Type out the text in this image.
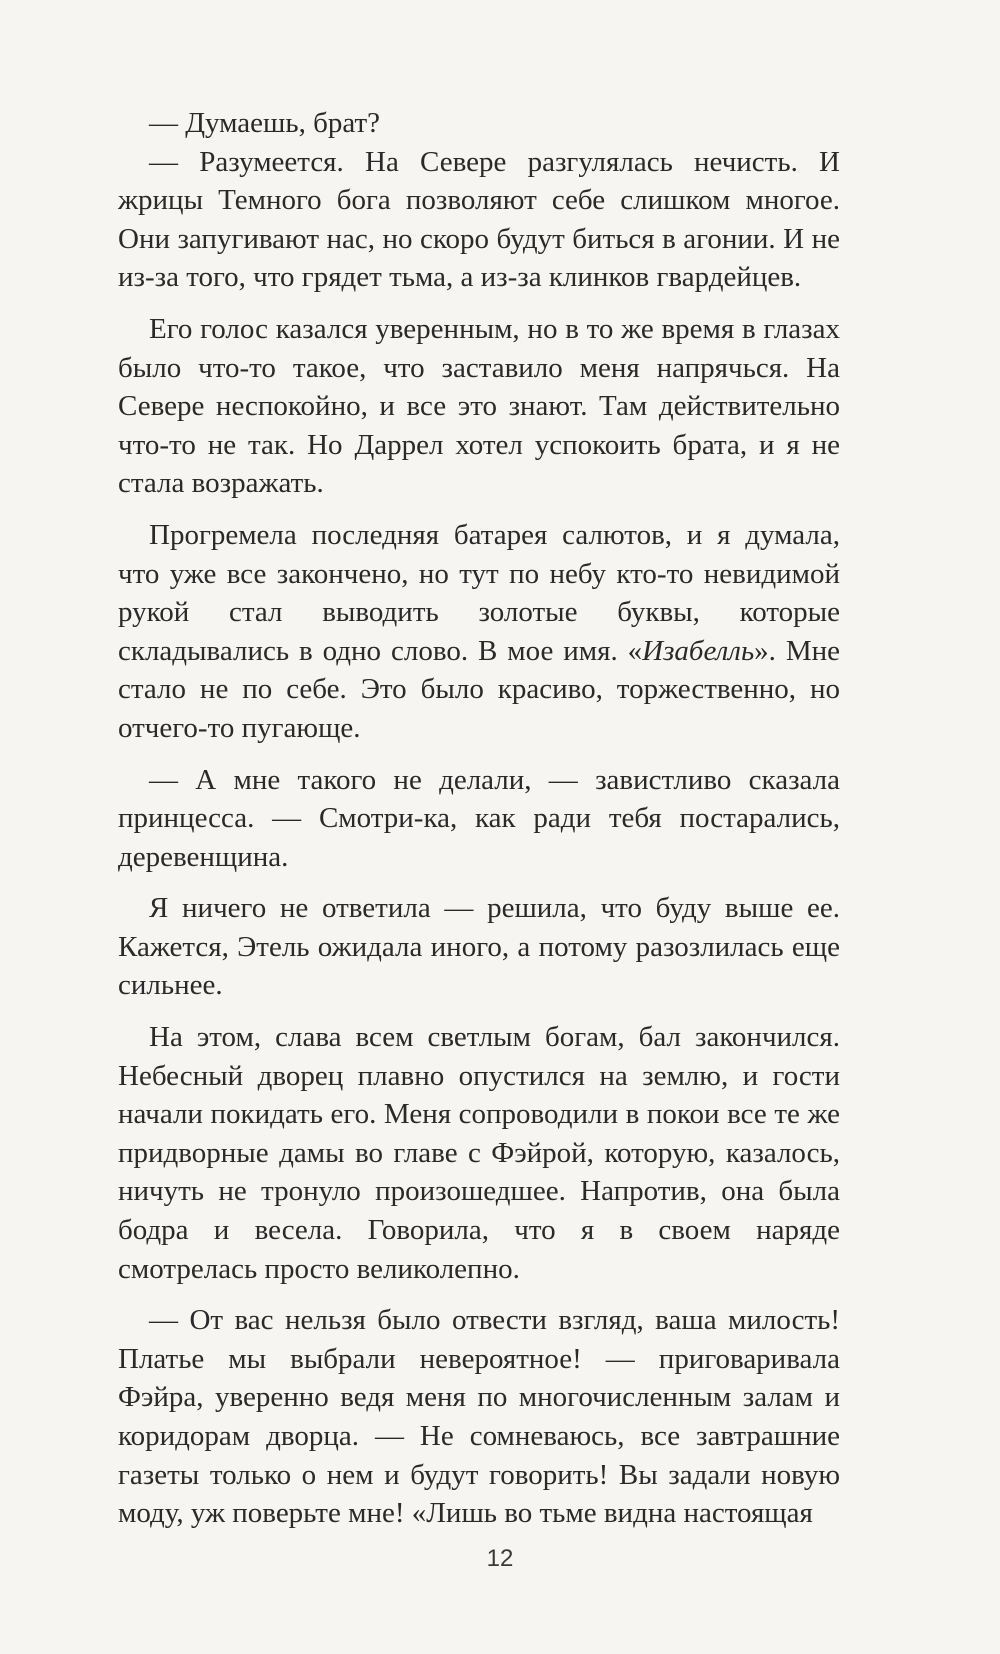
— Думаешь, брат?

— Разумеется. На Севере разгулялась нечисть. И жрицы Темного бога позволяют себе слишком многое. Они запугивают нас, но скоро будут биться в агонии. И не из-за того, что грядет тьма, а из-за клинков гвардейцев.

Его голос казался уверенным, но в то же время в глазах было что-то такое, что заставило меня напрячься. На Севере неспокойно, и все это знают. Там действительно что-то не так. Но Даррел хотел успокоить брата, и я не стала возражать.

Прогремела последняя батарея салютов, и я думала, что уже все закончено, но тут по небу кто-то невидимой рукой стал выводить золотые буквы, которые складывались в одно слово. В мое имя. «Изабелль». Мне стало не по себе. Это было красиво, торжественно, но отчего-то пугающе.

— А мне такого не делали, — завистливо сказала принцесса. — Смотри-ка, как ради тебя постарались, деревенщина.

Я ничего не ответила — решила, что буду выше ее. Кажется, Этель ожидала иного, а потому разозлилась еще сильнее.

На этом, слава всем светлым богам, бал закончился. Небесный дворец плавно опустился на землю, и гости начали покидать его. Меня сопроводили в покои все те же придворные дамы во главе с Фэйрой, которую, казалось, ничуть не тронуло произошедшее. Напротив, она была бодра и весела. Говорила, что я в своем наряде смотрелась просто великолепно.

— От вас нельзя было отвести взгляд, ваша милость! Платье мы выбрали невероятное! — приговаривала Фэйра, уверенно ведя меня по многочисленным залам и коридорам дворца. — Не сомневаюсь, все завтрашние газеты только о нем и будут говорить! Вы задали новую моду, уж поверьте мне! «Лишь во тьме видна настоящая

12
